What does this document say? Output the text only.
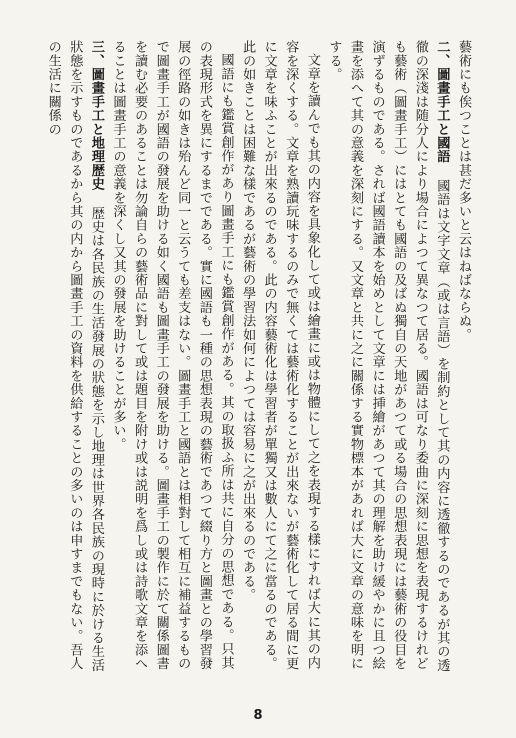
藝術にも俟つことは甚だ多いと云はねばならぬ。

二、圖畫手工と國語 國語は文字文章（或は言語）を制約として其の内容に透徹するのであるが其の透徹の深淺は随分人により場合によつて異なつて居る。國語は可なり委曲に深刻に思想を表現するけれども藝術（圖畫手工）にはとても國語の及ばぬ獨自の天地があつて或る場合の思想表現には藝術の役目を演ずるものである。されば國語讀本を始めとして文章には挿繪があつて其の理解を助け緩やかに且つ絵畫を添へて其の意義を深刻にする。又文章と共に之に關係する實物標本があれば大に文章の意味を明にする。

文章を讀んでも其の内容を具象化して或は繪畫に或は物體にして之を表現する樣にすれば大に其の内容を深くする。文章を熟讀玩味するのみで無くては藝術化することが出來ないが藝術化して居る間に更に文章を味ふことが出來るのである。此の内容藝術化は學習者が單獨又は數人にて之に當るのである。此の如きことは困難な樣であるが藝術の學習法如何によつては容易に之が出來るのである。

國語にも鑑賞創作があり圖畫手工にも鑑賞創作がある。其の取扱ふ所は共に自分の思想である。只其の表現形式を異にするまでである。實に國語も一種の思想表現の藝術であつて綴り方と圖畫との學習發展の徑路の如きは殆んど同一と云うても差支はない。圖畫手工と國語とは相對して相互に補益するもので圖畫手工が國語の發展を助ける如く國語も圖畫手工の發展を助ける。圖畫手工の製作に於て關係圖書を讀む必要のあることは勿論自らの藝術品に對して或は題目を附け或は説明を爲し或は詩歌文章を添へることは圖畫手工の意義を深くし又其の發展を助けることが多い。

三、圖畫手工と地理歴史 歴史は各民族の生活發展の狀態を示し地理は世界各民族の現時に於ける生活狀態を示すものであるから其の内から圖畫手工の資料を供給することの多いのは申すまでもない。吾人の生活に關係の

8
